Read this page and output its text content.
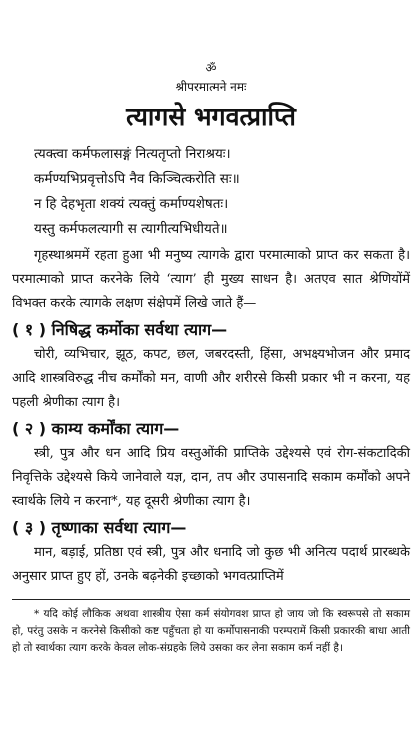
ॐ

श्रीपरमात्मने नमः

त्यागसे भगवत्प्राप्ति
त्यक्त्वा कर्मफलासङ्गं नित्यतृप्तो निराश्रयः।
कर्मण्यभिप्रवृत्तोऽपि नैव किञ्चित्करोति सः॥
न हि देहभृता शक्यं त्यक्तुं कर्माण्यशेषतः।
यस्तु कर्मफलत्यागी स त्यागीत्यभिधीयते॥

गृहस्थाश्रममें रहता हुआ भी मनुष्य त्यागके द्वारा परमात्माको प्राप्त कर सकता है। परमात्माको प्राप्त करनेके लिये ‘त्याग’ ही मुख्य साधन है। अतएव सात श्रेणियोंमें विभक्त करके त्यागके लक्षण संक्षेपमें लिखे जाते हैं—

( १ ) निषिद्ध कर्मोका सर्वथा त्याग—

चोरी, व्यभिचार, झूठ, कपट, छल, जबरदस्ती, हिंसा, अभक्ष्यभोजन और प्रमाद आदि शास्त्रविरुद्ध नीच कर्मोंको मन, वाणी और शरीरसे किसी प्रकार भी न करना, यह पहली श्रेणीका त्याग है।

( २ ) काम्य कर्मोंका त्याग—

स्त्री, पुत्र और धन आदि प्रिय वस्तुओंकी प्राप्तिके उद्देश्यसे एवं रोग-संकटादिकी निवृत्तिके उद्देश्यसे किये जानेवाले यज्ञ, दान, तप और उपासनादि सकाम कर्मोंको अपने स्वार्थके लिये न करना*, यह दूसरी श्रेणीका त्याग है।

( ३ ) तृष्णाका सर्वथा त्याग—

मान, बड़ाई, प्रतिष्ठा एवं स्त्री, पुत्र और धनादि जो कुछ भी अनित्य पदार्थ प्रारब्धके अनुसार प्राप्त हुए हों, उनके बढ़नेकी इच्छाको भगवत्प्राप्तिमें

* यदि कोई लौकिक अथवा शास्त्रीय ऐसा कर्म संयोगवश प्राप्त हो जाय जो कि स्वरूपसे तो सकाम हो, परंतु उसके न करनेसे किसीको कष्ट पहुँचता हो या कर्मोपासनाकी परम्परामें किसी प्रकारकी बाधा आती हो तो स्वार्थका त्याग करके केवल लोक-संग्रहके लिये उसका कर लेना सकाम कर्म नहीं है।
